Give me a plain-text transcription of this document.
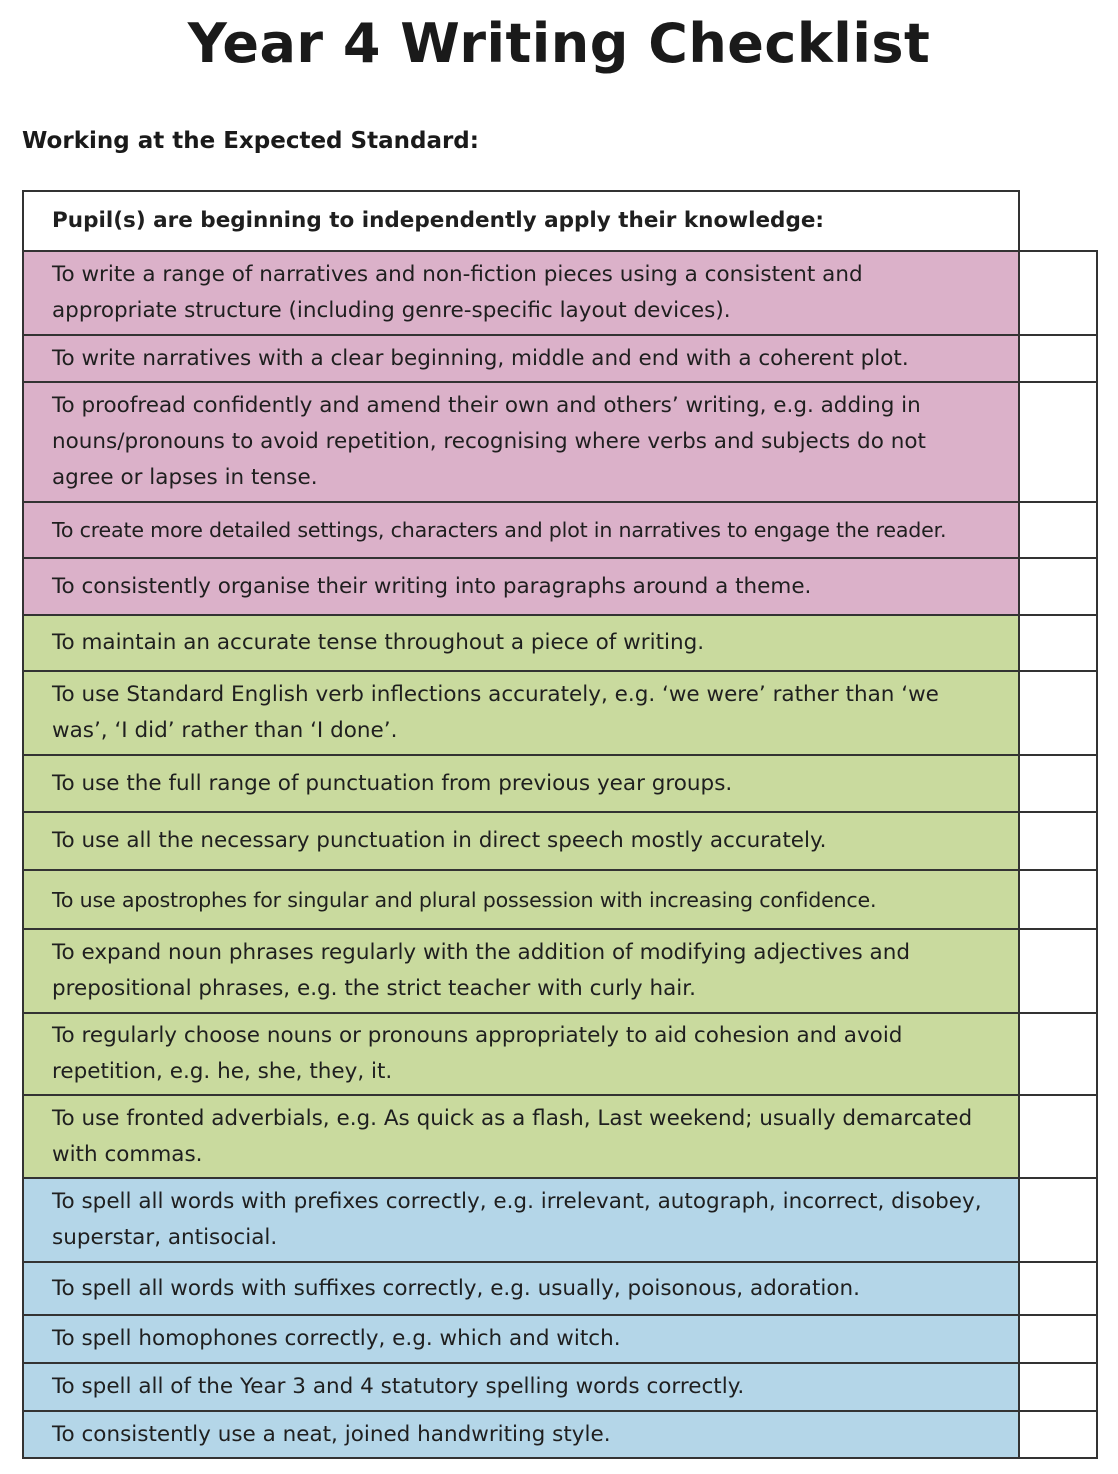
Year 4 Writing Checklist
Working at the Expected Standard:
Pupil(s) are beginning to independently apply their knowledge:	
To write a range of narratives and non-fiction pieces using a consistent and appropriate structure (including genre-specific layout devices).	
To write narratives with a clear beginning, middle and end with a coherent plot.	
To proofread confidently and amend their own and others’ writing, e.g. adding in nouns/pronouns to avoid repetition, recognising where verbs and subjects do not agree or lapses in tense.	
To create more detailed settings, characters and plot in narratives to engage the reader.	
To consistently organise their writing into paragraphs around a theme.	
To maintain an accurate tense throughout a piece of writing.	
To use Standard English verb inflections accurately, e.g. ‘we were’ rather than ‘we was’, ‘I did’ rather than ‘I done’.	
To use the full range of punctuation from previous year groups.	
To use all the necessary punctuation in direct speech mostly accurately.	
To use apostrophes for singular and plural possession with increasing confidence.	
To expand noun phrases regularly with the addition of modifying adjectives and prepositional phrases, e.g. the strict teacher with curly hair.	
To regularly choose nouns or pronouns appropriately to aid cohesion and avoid repetition, e.g. he, she, they, it.	
To use fronted adverbials, e.g. As quick as a flash, Last weekend; usually demarcated with commas.	
To spell all words with prefixes correctly, e.g. irrelevant, autograph, incorrect, disobey, superstar, antisocial.	
To spell all words with suffixes correctly, e.g. usually, poisonous, adoration.	
To spell homophones correctly, e.g. which and witch.	
To spell all of the Year 3 and 4 statutory spelling words correctly.	
To consistently use a neat, joined handwriting style.	
